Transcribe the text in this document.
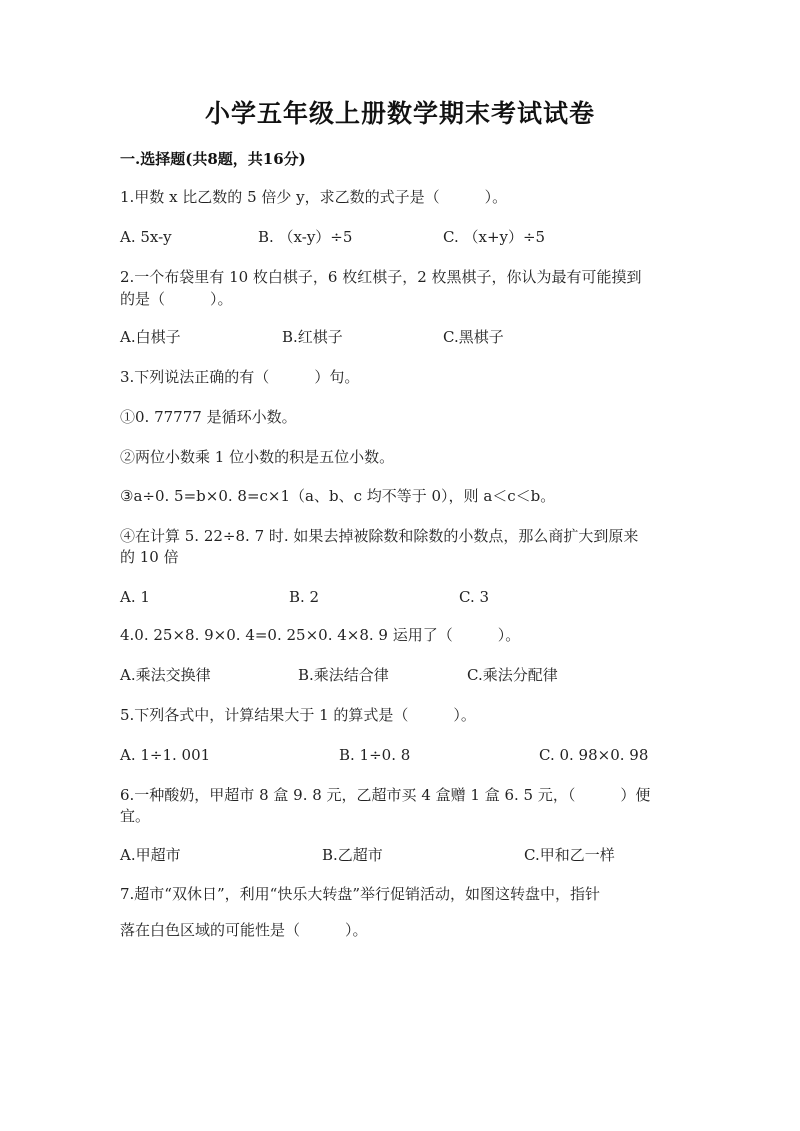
小学五年级上册数学期末考试试卷
一.选择题(共8题，共16分)
1.甲数 x 比乙数的 5 倍少 y，求乙数的式子是（　　　）。
A. 5x-y	B. （x-y）÷5	C. （x+y）÷5
2.一个布袋里有 10 枚白棋子，6 枚红棋子，2 枚黑棋子，你认为最有可能摸到
的是（　　　）。
A.白棋子	B.红棋子	C.黑棋子
3.下列说法正确的有（　　　）句。
①0. 77777 是循环小数。
②两位小数乘 1 位小数的积是五位小数。
③a÷0. 5=b×0. 8=c×1（a、b、c 均不等于 0），则 a＜c＜b。
④在计算 5. 22÷8. 7 时. 如果去掉被除数和除数的小数点，那么商扩大到原来
的 10 倍
A. 1	B. 2	C. 3
4.0. 25×8. 9×0. 4=0. 25×0. 4×8. 9 运用了（　　　）。
A.乘法交换律	B.乘法结合律	C.乘法分配律
5.下列各式中，计算结果大于 1 的算式是（　　　）。
A. 1÷1. 001	B. 1÷0. 8	C. 0. 98×0. 98
6.一种酸奶，甲超市 8 盒 9. 8 元，乙超市买 4 盒赠 1 盒 6. 5 元，（　　　）便
宜。
A.甲超市	B.乙超市	C.甲和乙一样
7.超市“双休日”，利用“快乐大转盘”举行促销活动，如图这转盘中，指针
落在白色区域的可能性是（　　　）。
